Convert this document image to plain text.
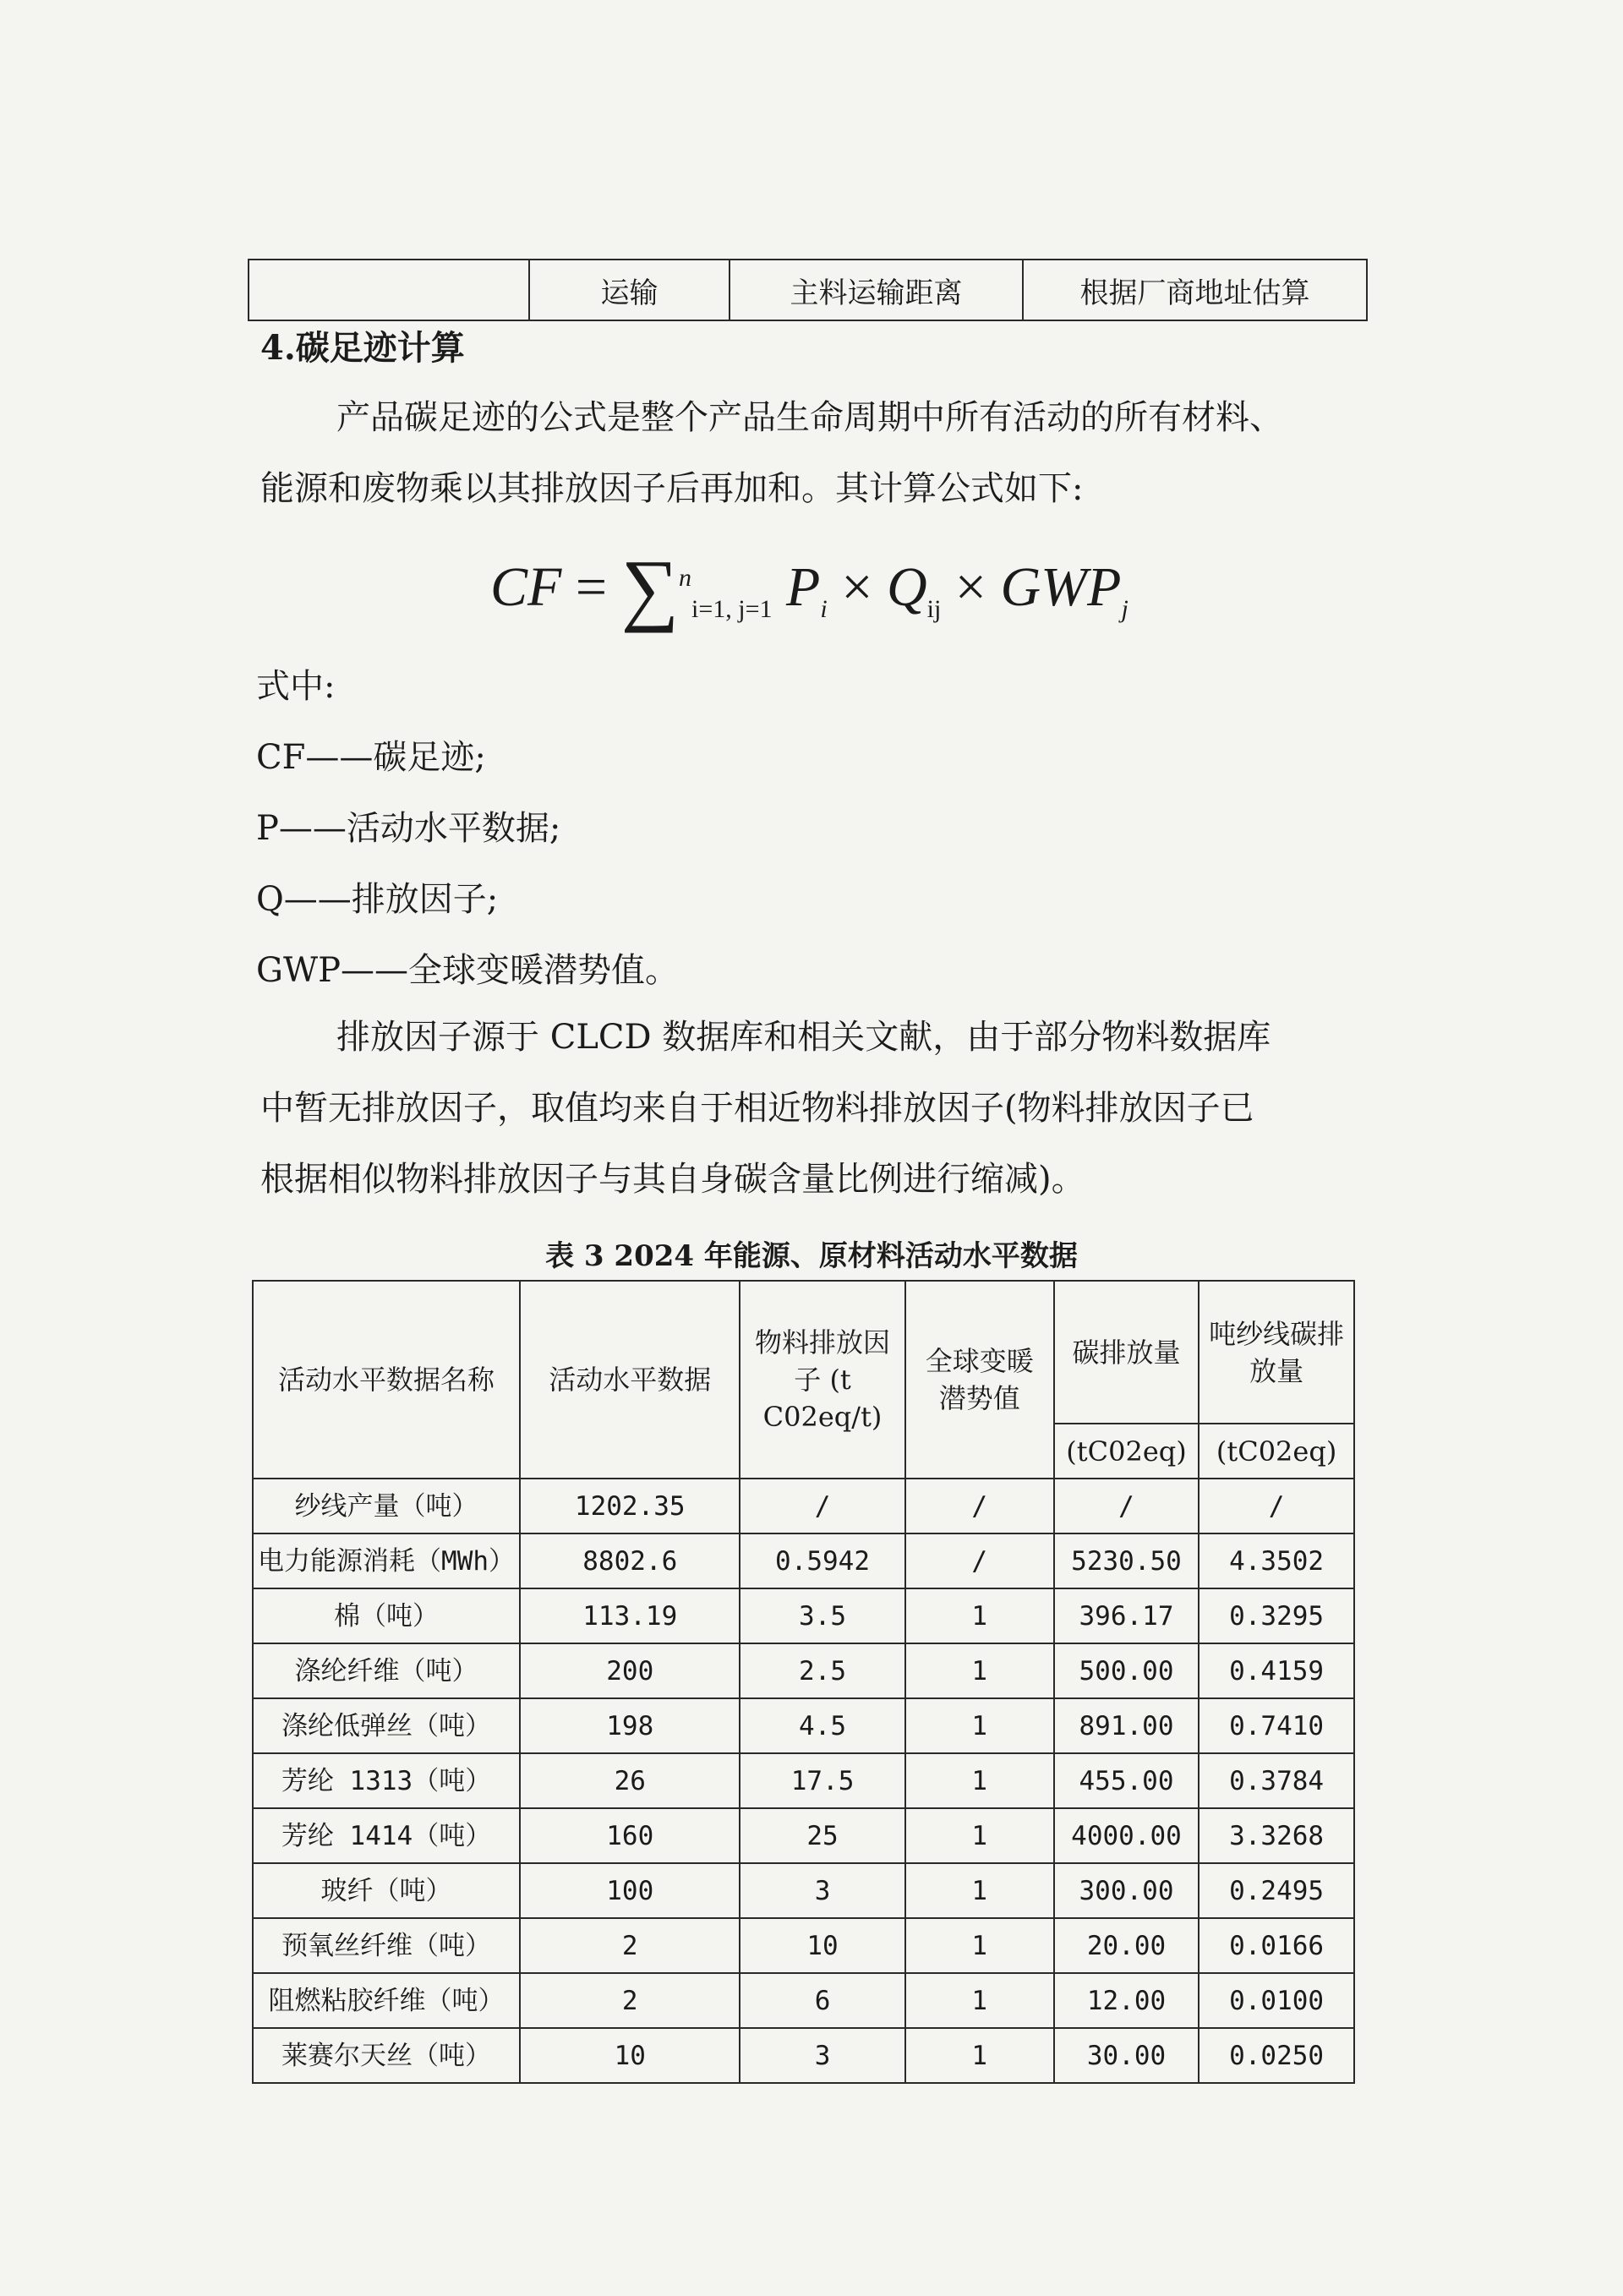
	运输	主料运输距离	根据厂商地址估算
4.碳足迹计算
产品碳足迹的公式是整个产品生命周期中所有活动的所有材料、
能源和废物乘以其排放因子后再加和。其计算公式如下:
CF = ∑$^n_{i=1, j=1}$ $P_i \times Q_{ij} \times GWP_j$
式中:
CF——碳足迹;
P——活动水平数据;
Q——排放因子;
GWP——全球变暖潜势值。
排放因子源于 CLCD 数据库和相关文献，由于部分物料数据库
中暂无排放因子，取值均来自于相近物料排放因子(物料排放因子已
根据相似物料排放因子与其自身碳含量比例进行缩减)。
表 3 2024 年能源、原材料活动水平数据
活动水平数据名称	活动水平数据	物料排放因子 (t C02eq/t)	全球变暖潜势值	碳排放量	吨纱线碳排放量
				(tC02eq)	(tC02eq)
纱线产量（吨）	1202.35	/	/	/	/
电力能源消耗（MWh）	8802.6	0.5942	/	5230.50	4.3502
棉（吨）	113.19	3.5	1	396.17	0.3295
涤纶纤维（吨）	200	2.5	1	500.00	0.4159
涤纶低弹丝（吨）	198	4.5	1	891.00	0.7410
芳纶 1313（吨）	26	17.5	1	455.00	0.3784
芳纶 1414（吨）	160	25	1	4000.00	3.3268
玻纤（吨）	100	3	1	300.00	0.2495
预氧丝纤维（吨）	2	10	1	20.00	0.0166
阻燃粘胶纤维（吨）	2	6	1	12.00	0.0100
莱赛尔天丝（吨）	10	3	1	30.00	0.0250
